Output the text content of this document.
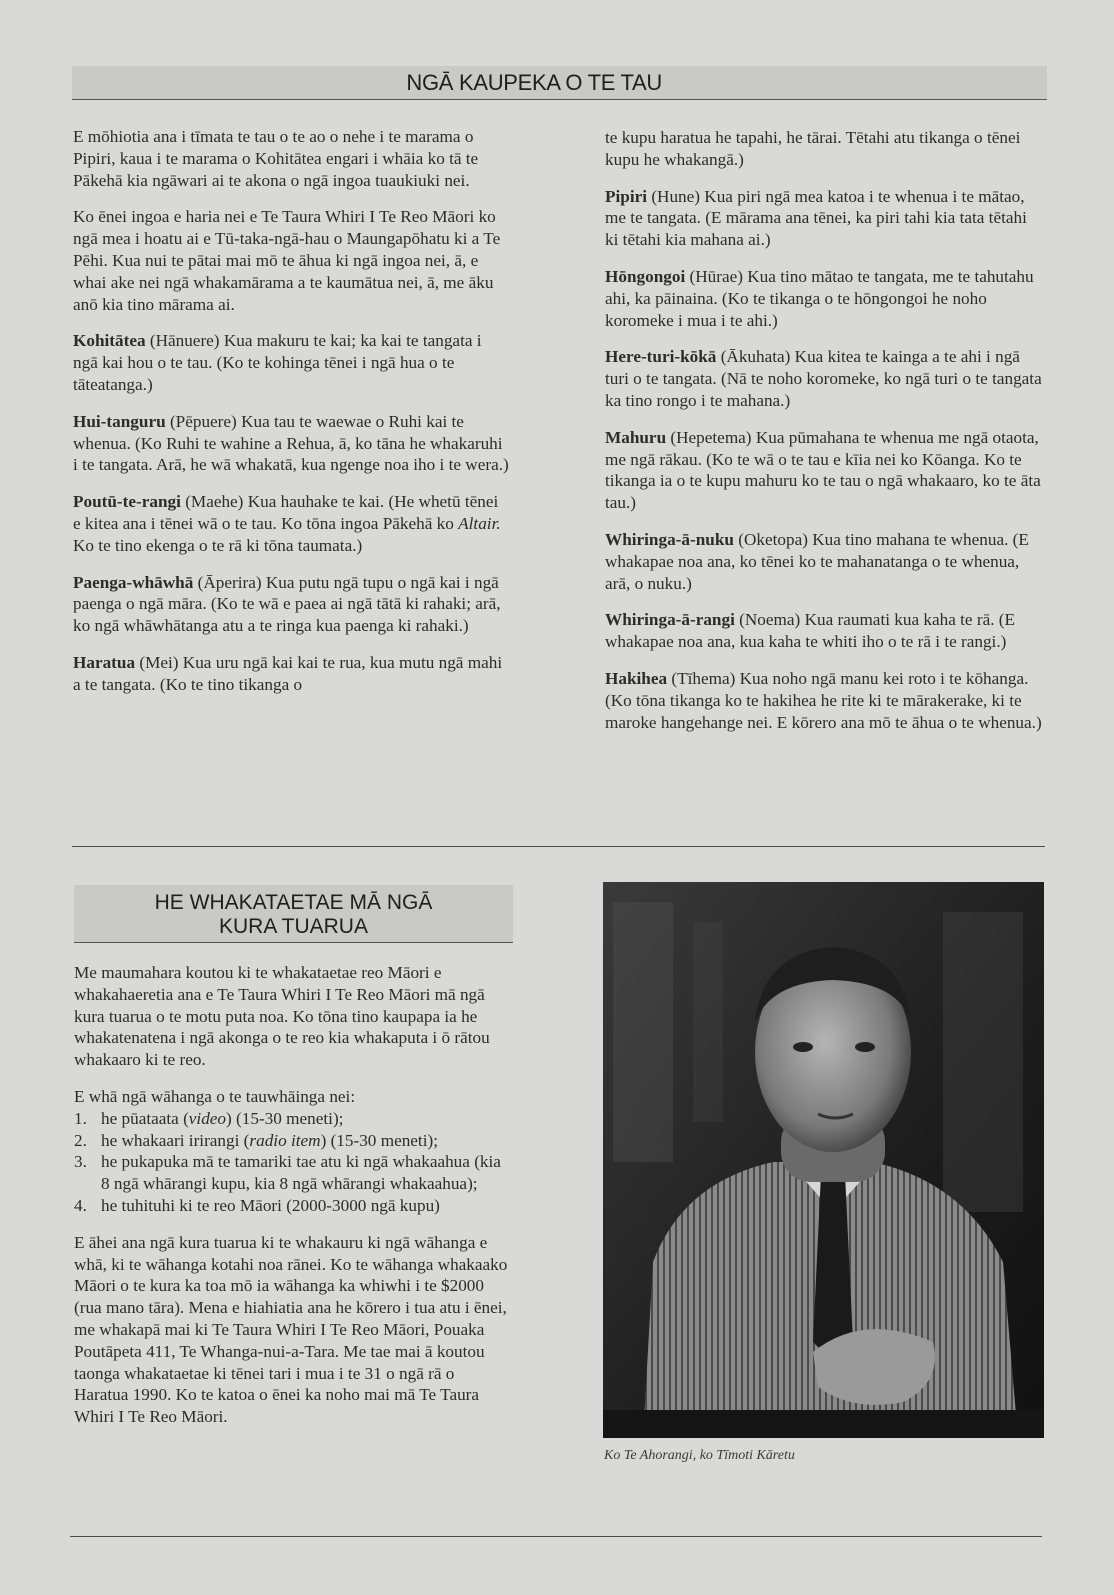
NGĀ KAUPEKA O TE TAU

E mōhiotia ana i tīmata te tau o te ao o nehe i te marama o Pipiri, kaua i te marama o Kohitātea engari i whāia ko tā te Pākehā kia ngāwari ai te akona o ngā ingoa tuaukiuki nei.

Ko ēnei ingoa e haria nei e Te Taura Whiri I Te Reo Māori ko ngā mea i hoatu ai e Tū-taka-ngā-hau o Maungapōhatu ki a Te Pēhi. Kua nui te pātai mai mō te āhua ki ngā ingoa nei, ā, e whai ake nei ngā whakamārama a te kaumātua nei, ā, me āku anō kia tino mārama ai.

Kohitātea (Hānuere) Kua makuru te kai; ka kai te tangata i ngā kai hou o te tau. (Ko te kohinga tēnei i ngā hua o te tāteatanga.)

Hui-tanguru (Pēpuere) Kua tau te waewae o Ruhi kai te whenua. (Ko Ruhi te wahine a Rehua, ā, ko tāna he whakaruhi i te tangata. Arā, he wā whakatā, kua ngenge noa iho i te wera.)

Poutū-te-rangi (Maehe) Kua hauhake te kai. (He whetū tēnei e kitea ana i tēnei wā o te tau. Ko tōna ingoa Pākehā ko Altair. Ko te tino ekenga o te rā ki tōna taumata.)

Paenga-whāwhā (Āperira) Kua putu ngā tupu o ngā kai i ngā paenga o ngā māra. (Ko te wā e paea ai ngā tātā ki rahaki; arā, ko ngā whāwhātanga atu a te ringa kua paenga ki rahaki.)

Haratua (Mei) Kua uru ngā kai kai te rua, kua mutu ngā mahi a te tangata. (Ko te tino tikanga o

te kupu haratua he tapahi, he tārai. Tētahi atu tikanga o tēnei kupu he whakangā.)

Pipiri (Hune) Kua piri ngā mea katoa i te whenua i te mātao, me te tangata. (E mārama ana tēnei, ka piri tahi kia tata tētahi ki tētahi kia mahana ai.)

Hōngongoi (Hūrae) Kua tino mātao te tangata, me te tahutahu ahi, ka pāinaina. (Ko te tikanga o te hōngongoi he noho koromeke i mua i te ahi.)

Here-turi-kōkā (Ākuhata) Kua kitea te kainga a te ahi i ngā turi o te tangata. (Nā te noho koromeke, ko ngā turi o te tangata ka tino rongo i te mahana.)

Mahuru (Hepetema) Kua pūmahana te whenua me ngā otaota, me ngā rākau. (Ko te wā o te tau e kīia nei ko Kōanga. Ko te tikanga ia o te kupu mahuru ko te tau o ngā whakaaro, ko te āta tau.)

Whiringa-ā-nuku (Oketopa) Kua tino mahana te whenua. (E whakapae noa ana, ko tēnei ko te mahanatanga o te whenua, arā, o nuku.)

Whiringa-ā-rangi (Noema) Kua raumati kua kaha te rā. (E whakapae noa ana, kua kaha te whiti iho o te rā i te rangi.)

Hakihea (Tīhema) Kua noho ngā manu kei roto i te kōhanga. (Ko tōna tikanga ko te hakihea he rite ki te mārakerake, ki te maroke hangehange nei. E kōrero ana mō te āhua o te whenua.)

HE WHAKATAETAE MĀ NGĀ
KURA TUARUA

Me maumahara koutou ki te whakataetae reo Māori e whakahaeretia ana e Te Taura Whiri I Te Reo Māori mā ngā kura tuarua o te motu puta noa. Ko tōna tino kaupapa ia he whakatenatena i ngā akonga o te reo kia whakaputa i ō rātou whakaaro ki te reo.

E whā ngā wāhanga o te tauwhāinga nei:

1. he pūataata (video) (15-30 meneti);
2. he whakaari irirangi (radio item) (15-30 meneti);
3. he pukapuka mā te tamariki tae atu ki ngā whakaahua (kia 8 ngā whārangi kupu, kia 8 ngā whārangi whakaahua);
4. he tuhituhi ki te reo Māori (2000-3000 ngā kupu)

E āhei ana ngā kura tuarua ki te whakauru ki ngā wāhanga e whā, ki te wāhanga kotahi noa rānei. Ko te wāhanga whakaako Māori o te kura ka toa mō ia wāhanga ka whiwhi i te $2000 (rua mano tāra). Mena e hiahiatia ana he kōrero i tua atu i ēnei, me whakapā mai ki Te Taura Whiri I Te Reo Māori, Pouaka Poutāpeta 411, Te Whanga-nui-a-Tara. Me tae mai ā koutou taonga whakataetae ki tēnei tari i mua i te 31 o ngā rā o Haratua 1990. Ko te katoa o ēnei ka noho mai mā Te Taura Whiri I Te Reo Māori.

Ko Te Ahorangi, ko Tīmoti Kāretu
